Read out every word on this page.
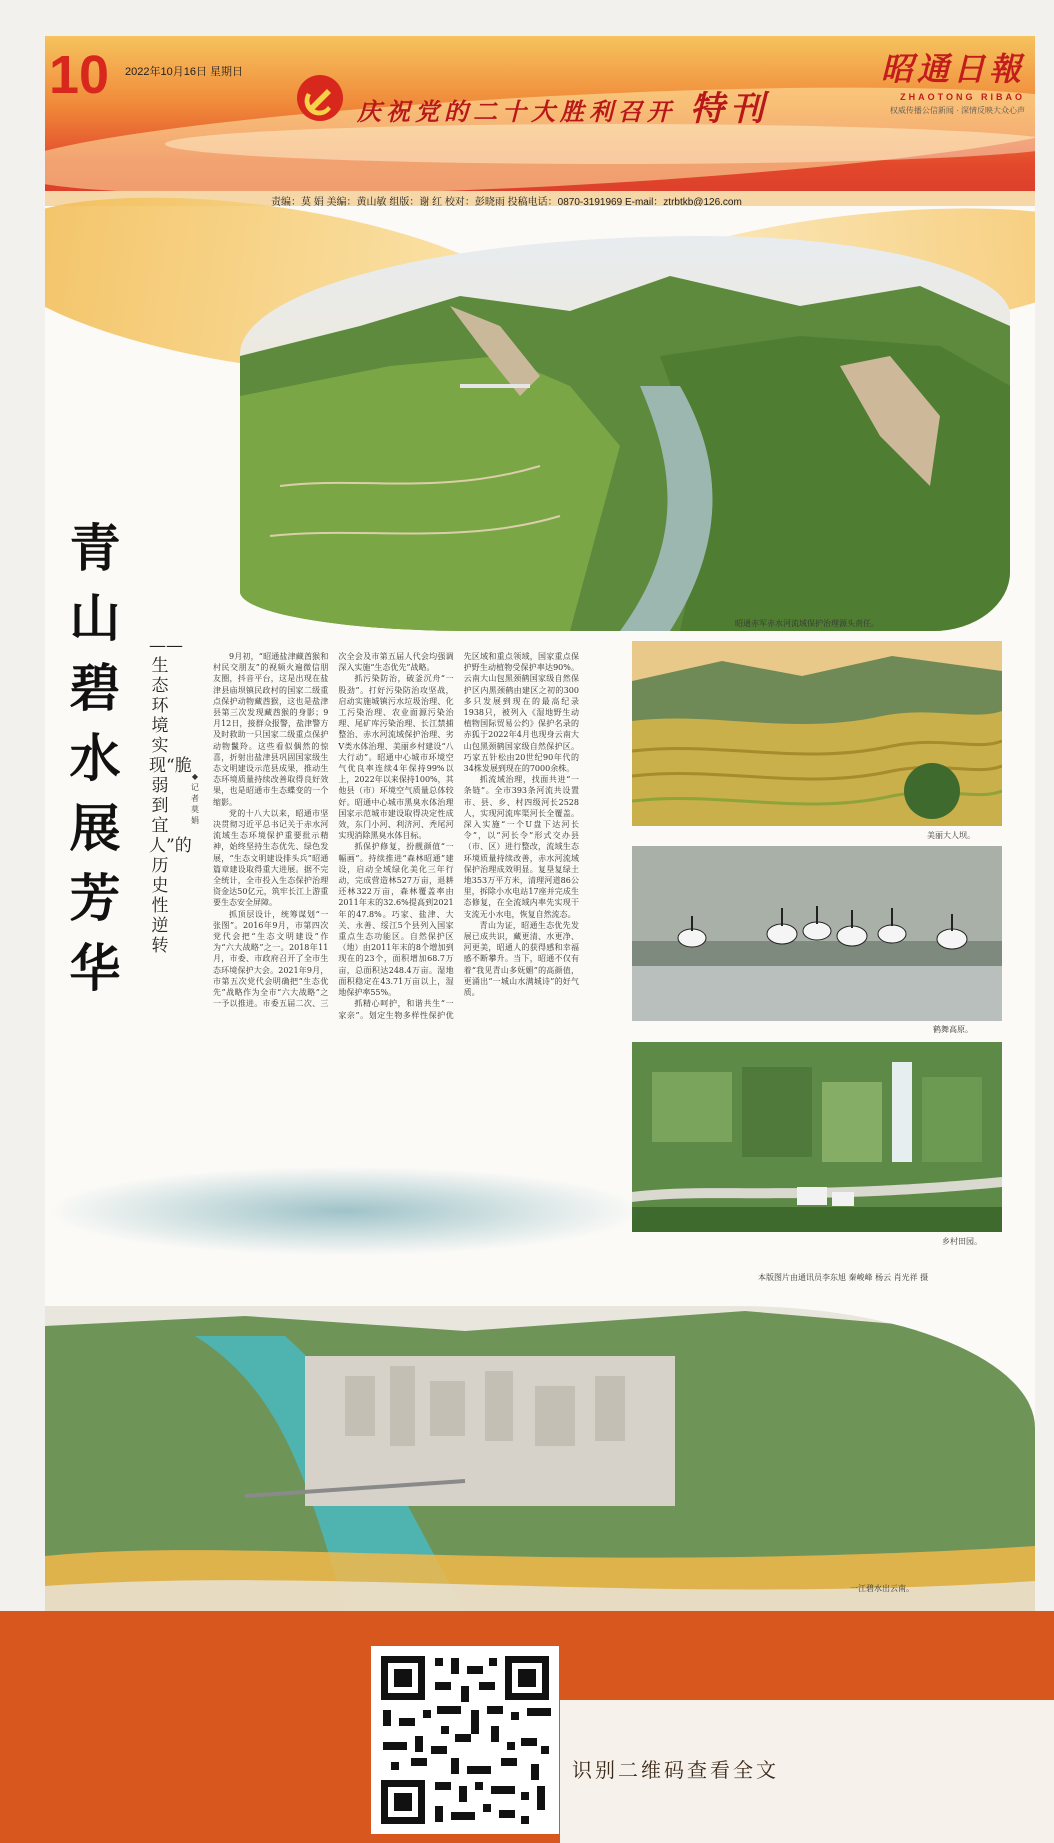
10 2022年10月16日 星期日
庆祝党的二十大胜利召开 特刊
昭通日報
ZHAOTONG RIBAO
权威传播公信新闻 · 深情反映大众心声
责编：莫 娟 美编：黄山敏 组版：谢 红 校对：彭晓雨 投稿电话：0870-3191969 E-mail：ztrbtkb@126.com
昭通赤军赤水河流域保护治理源头责任。
青
山
碧
水
展
芳
华
——生态环境实现“脆弱到宜人”的历史性逆转
◆记者 莫娟

9月初，“昭通盐津藏酋猴和村民交朋友”的视频火遍微信朋友圈，抖音平台，这是出现在盐津县庙坝镇民政村的国家二级重点保护动物藏酋猴，这也是盐津县第三次发现藏酋猴的身影；9月12日，接群众报警，盐津警方及时救助一只国家二级重点保护动物鬣羚。这些看似偶然的惊喜，折射出盐津县巩固国家级生态文明建设示范县成果，推动生态环境质量持续改善取得良好效果，也是昭通市生态蝶变的一个缩影。

党的十八大以来，昭通市坚决贯彻习近平总书记关于赤水河流域生态环境保护重要批示精神，始终坚持生态优先、绿色发展，“生态文明建设排头兵”昭通篇章建设取得重大进展。据不完全统计，全市投入生态保护治理资金达50亿元，筑牢长江上游重要生态安全屏障。

抓顶层设计，统筹谋划“一张图”。2016年9月，市第四次党代会把“生态文明建设”作为“六大战略”之一。2018年11月，市委、市政府召开了全市生态环境保护大会。2021年9月，市第五次党代会明确把“生态优先”战略作为全市“六大战略”之一予以推进。市委五届二次、三次全会及市第五届人代会均强调深入实施“生态优先”战略。

抓污染防治，破釜沉舟“一股劲”。打好污染防治攻坚战，启动实施城镇污水垃圾治理、化工污染治理、农业面源污染治理、尾矿库污染治理、长江禁捕整治、赤水河流域保护治理、劣Ⅴ类水体治理、美丽乡村建设“八大行动”。昭通中心城市环境空气优良率连续4年保持99%以上，2022年以来保持100%，其他县（市）环境空气质量总体较好。昭通中心城市黑臭水体治理国家示范城市建设取得决定性成效，东门小河、利济河、秃尾河实现消除黑臭水体目标。

抓保护修复，扮靓颜值“一幅画”。持续推进“森林昭通”建设，启动全域绿化美化三年行动，完成营造林527万亩，退耕还林322万亩，森林覆盖率由2011年末的32.6%提高到2021年的47.8%。巧家、盐津、大关、永善、绥江5个县列入国家重点生态功能区。自然保护区（地）由2011年末的8个增加到现在的23个，面积增加68.7万亩，总面积达248.4万亩。湿地面积稳定在43.71万亩以上，湿地保护率55%。

抓精心呵护，和谐共生“一家亲”。划定生物多样性保护优先区域和重点领域，国家重点保护野生动植物受保护率达90%。云南大山包黑颈鹤国家级自然保护区内黑颈鹤由建区之初的300多只发展到现在的最高纪录1938只，被列入《湿地野生动植物国际贸易公约》保护名录的赤狐于2022年4月也现身云南大山包黑颈鹤国家级自然保护区。巧家五针松由20世纪90年代的34株发展到现在的7000余株。

抓流域治理，找面共进“一条链”。全市393条河流共设置市、县、乡、村四级河长2528人，实现河流库渠河长全覆盖。深入实施“一个U盘下达河长令”，以“河长令”形式交办县（市、区）进行整改，流域生态环境质量持续改善，赤水河流域保护治理成效明显。复垦复绿土地353万平方米，清理河道86公里，拆除小水电站17座并完成生态修复，在全流域内率先实现干支流无小水电，恢复自然流态。

青山为证，昭通生态优先发展已成共识，藏更清、水更净、河更美，昭通人的获得感和幸福感不断攀升。当下，昭通不仅有着“我见青山多妩媚”的高颜值，更涌出“一城山水满城诗”的好气质。

美丽大人坝。
鹤舞高原。
乡村田园。
本版图片由通讯员李东旭 秦峻峰 杨云 肖光祥 摄
一江碧水出云南。
识别二维码查看全文
